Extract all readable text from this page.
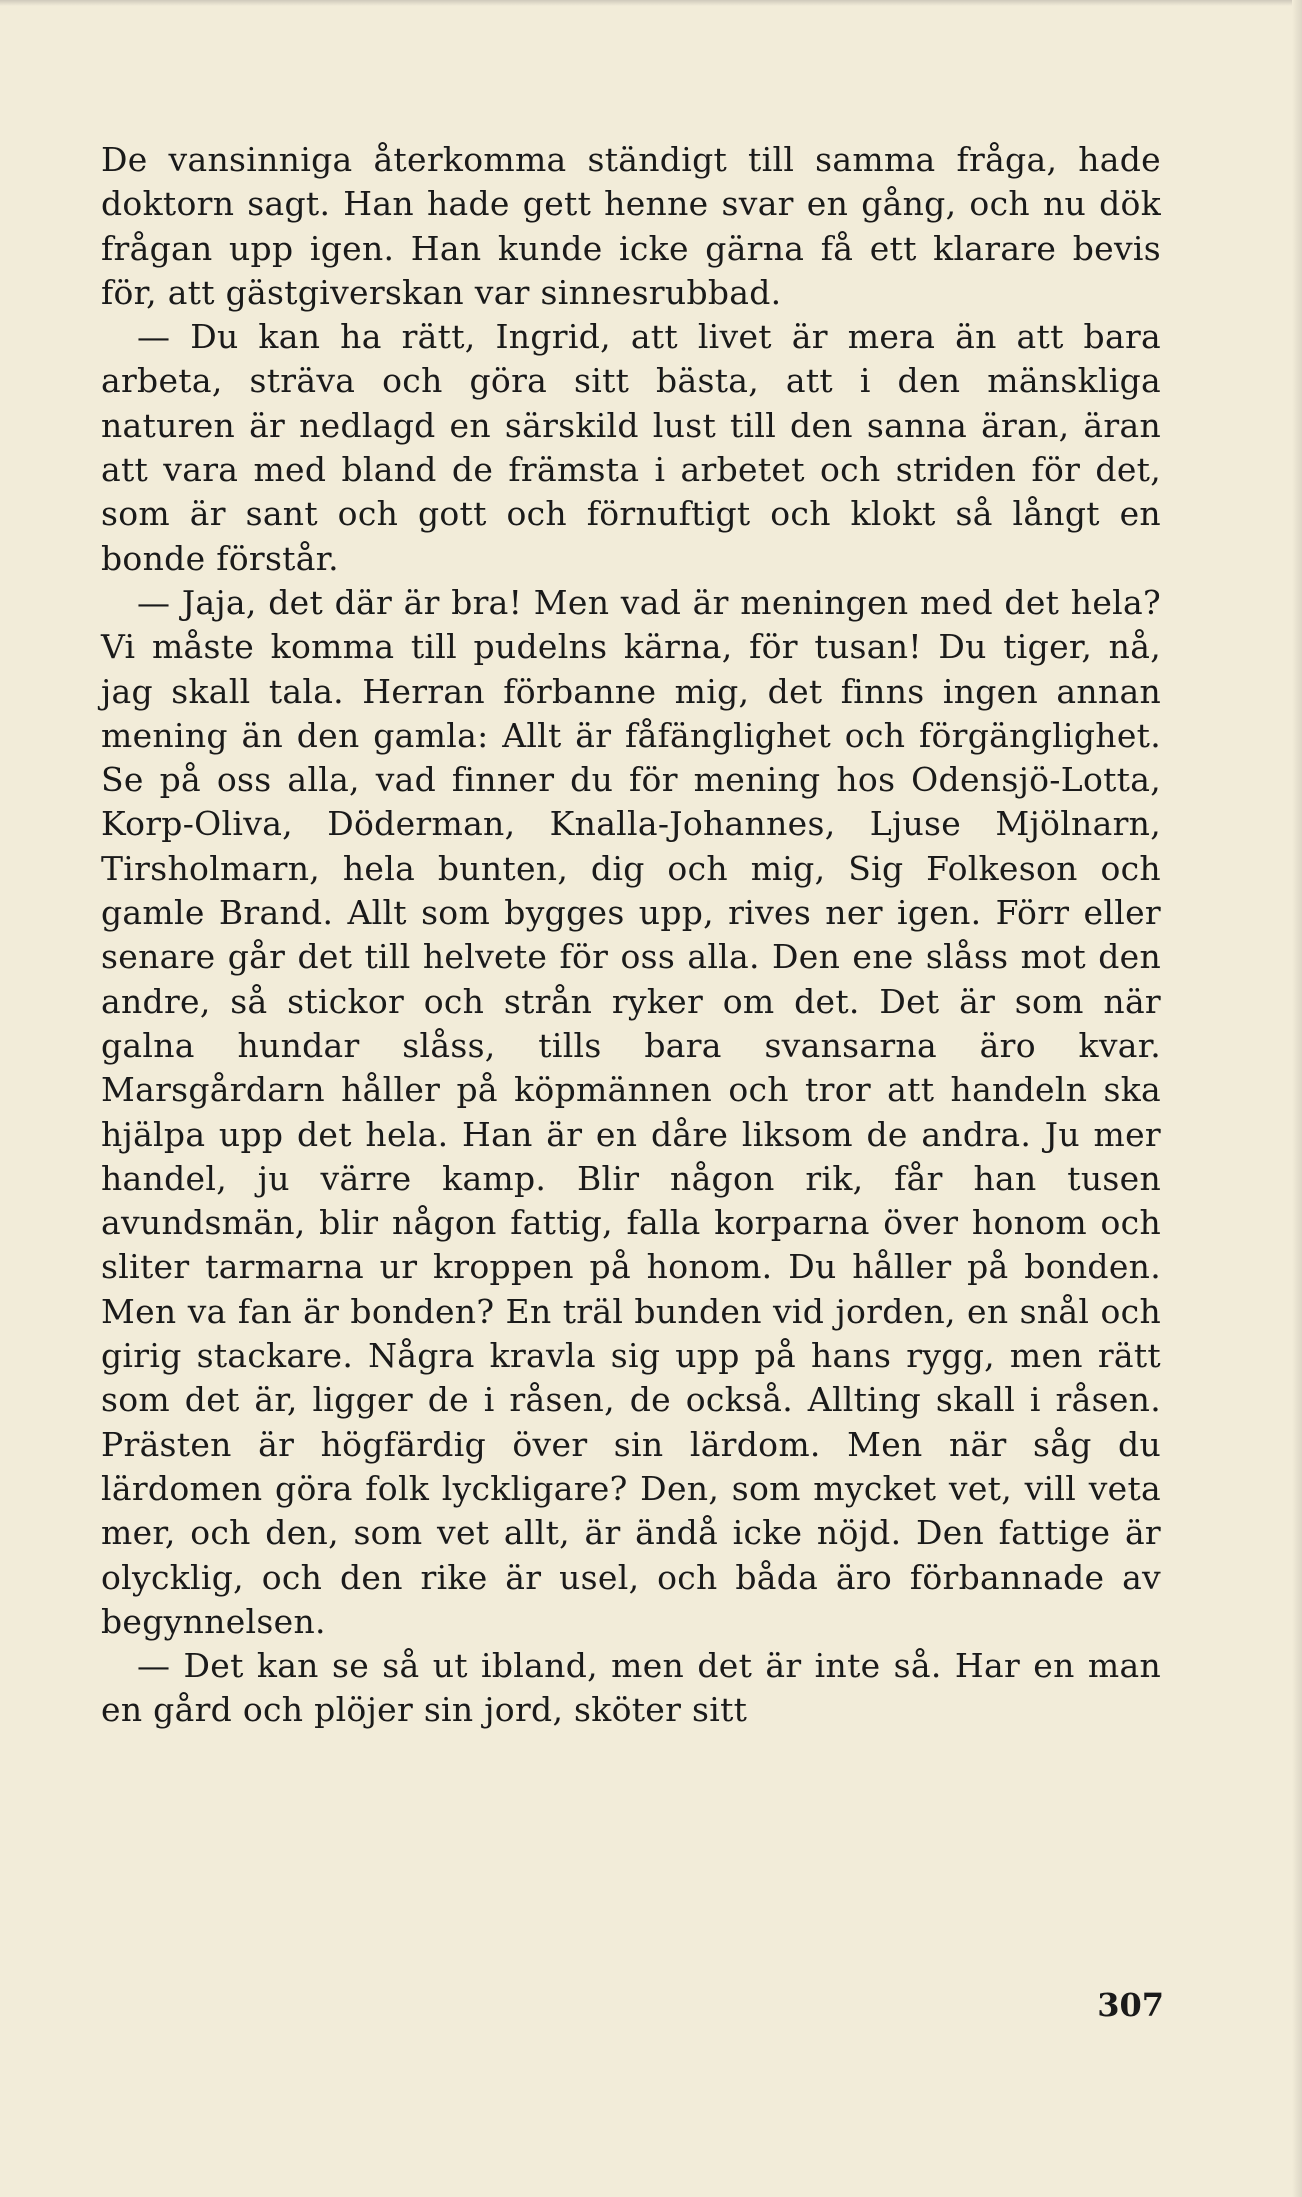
De vansinniga återkomma ständigt till samma fråga, hade doktorn sagt. Han hade gett henne svar en gång, och nu dök frågan upp igen. Han kunde icke gärna få ett klarare bevis för, att gästgiverskan var sinnesrubbad.

— Du kan ha rätt, Ingrid, att livet är mera än att bara arbeta, sträva och göra sitt bästa, att i den mänskliga naturen är nedlagd en särskild lust till den sanna äran, äran att vara med bland de främsta i arbetet och striden för det, som är sant och gott och förnuftigt och klokt så långt en bonde förstår.

— Jaja, det där är bra! Men vad är meningen med det hela? Vi måste komma till pudelns kärna, för tusan! Du tiger, nå, jag skall tala. Herran förbanne mig, det finns ingen annan mening än den gamla: Allt är fåfänglighet och förgänglighet. Se på oss alla, vad finner du för mening hos Odensjö-Lotta, Korp-Oliva, Döderman, Knalla-Johannes, Ljuse Mjölnarn, Tirsholmarn, hela bunten, dig och mig, Sig Folkeson och gamle Brand. Allt som bygges upp, rives ner igen. Förr eller senare går det till helvete för oss alla. Den ene slåss mot den andre, så stickor och strån ryker om det. Det är som när galna hundar slåss, tills bara svansarna äro kvar. Marsgårdarn håller på köpmännen och tror att handeln ska hjälpa upp det hela. Han är en dåre liksom de andra. Ju mer handel, ju värre kamp. Blir någon rik, får han tusen avundsmän, blir någon fattig, falla korparna över honom och sliter tarmarna ur kroppen på honom. Du håller på bonden. Men va fan är bonden? En träl bunden vid jorden, en snål och girig stackare. Några kravla sig upp på hans rygg, men rätt som det är, ligger de i råsen, de också. Allting skall i råsen. Prästen är högfärdig över sin lärdom. Men när såg du lärdomen göra folk lyckligare? Den, som mycket vet, vill veta mer, och den, som vet allt, är ändå icke nöjd. Den fattige är olycklig, och den rike är usel, och båda äro förbannade av begynnelsen.

— Det kan se så ut ibland, men det är inte så. Har en man en gård och plöjer sin jord, sköter sitt

307
